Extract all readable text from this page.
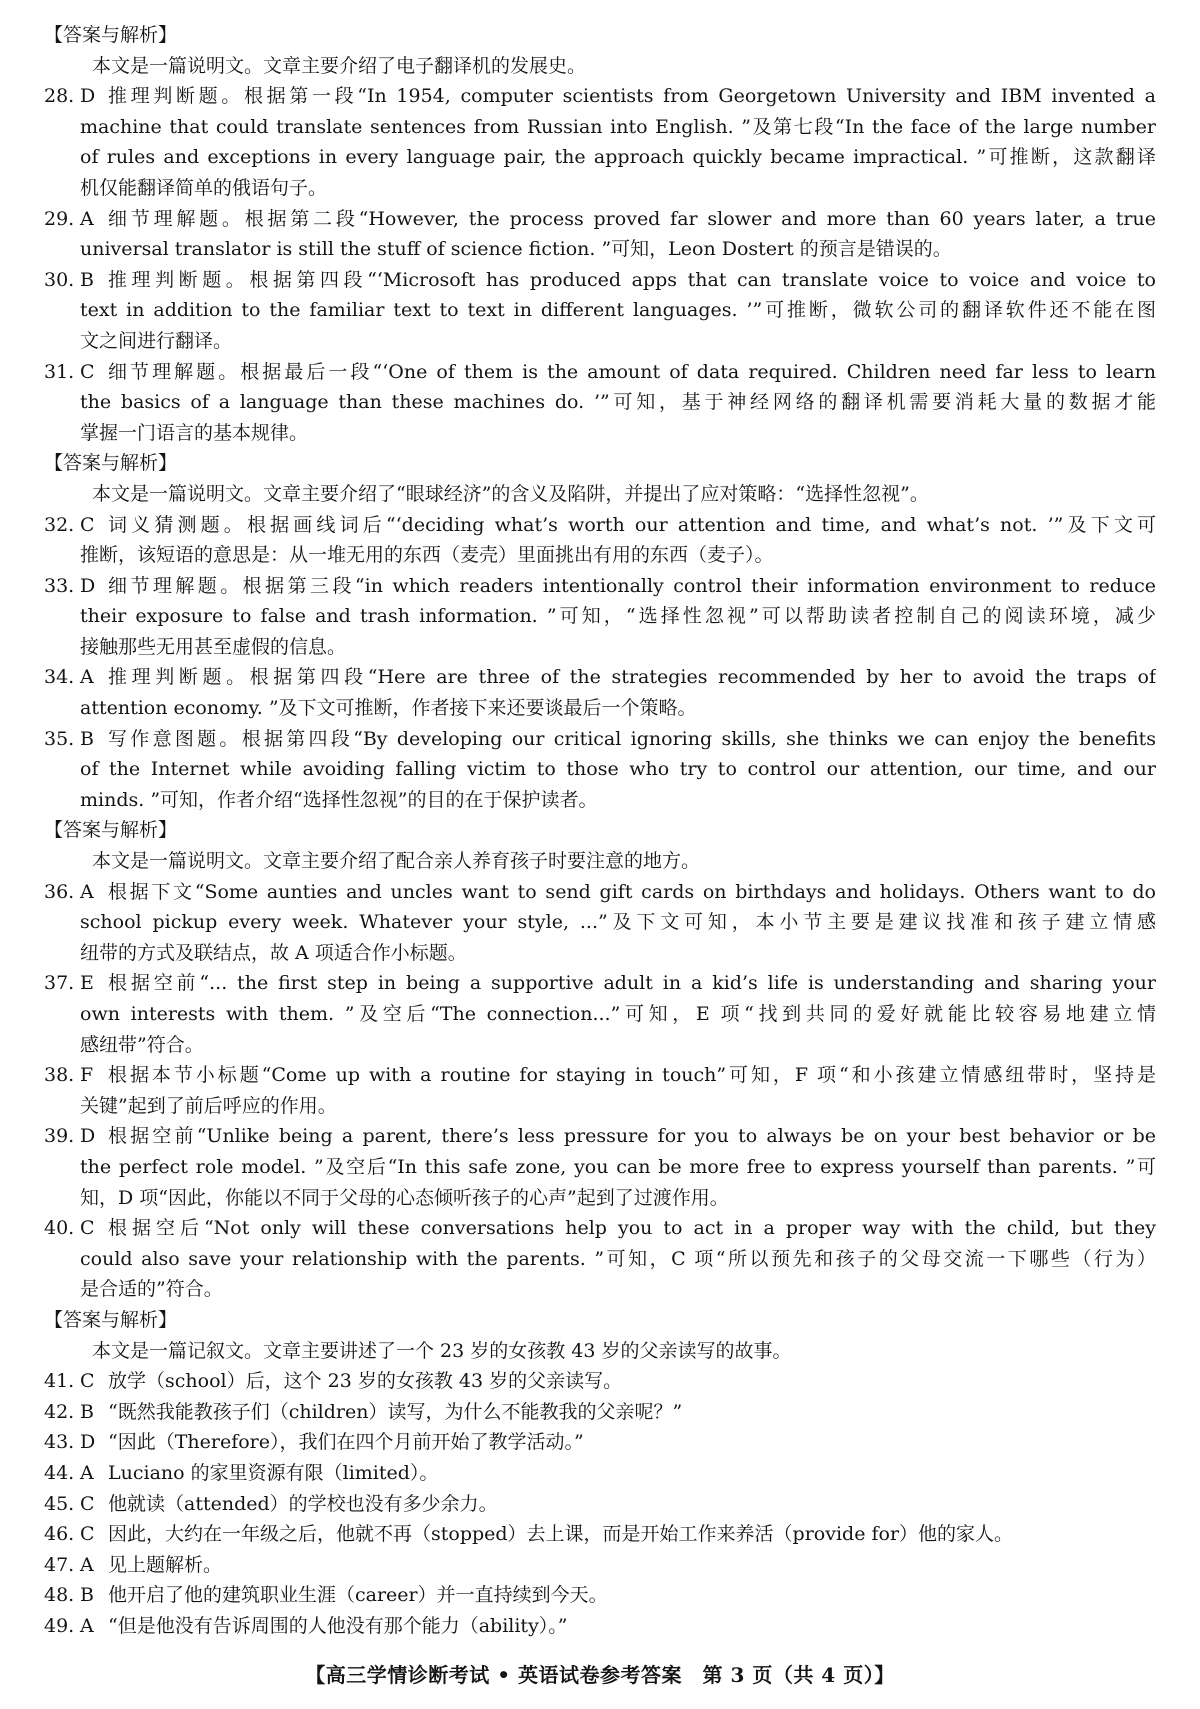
【答案与解析】
本文是一篇说明文。文章主要介绍了电子翻译机的发展史。
28. D 推理判断题。根据第一段“In 1954, computer scientists from Georgetown University and IBM invented a
machine that could translate sentences from Russian into English. ”及第七段“In the face of the large number
of rules and exceptions in every language pair, the approach quickly became impractical. ”可推断，这款翻译
机仅能翻译简单的俄语句子。
29. A 细节理解题。根据第二段“However, the process proved far slower and more than 60 years later, a true
universal translator is still the stuff of science fiction. ”可知，Leon Dostert 的预言是错误的。
30. B 推理判断题。根据第四段“‘Microsoft has produced apps that can translate voice to voice and voice to
text in addition to the familiar text to text in different languages. ’”可推断，微软公司的翻译软件还不能在图
文之间进行翻译。
31. C 细节理解题。根据最后一段“‘One of them is the amount of data required. Children need far less to learn
the basics of a language than these machines do. ’”可知，基于神经网络的翻译机需要消耗大量的数据才能
掌握一门语言的基本规律。
【答案与解析】
本文是一篇说明文。文章主要介绍了“眼球经济”的含义及陷阱，并提出了应对策略：“选择性忽视”。
32. C 词义猜测题。根据画线词后“‘deciding what’s worth our attention and time, and what’s not. ’”及下文可
推断，该短语的意思是：从一堆无用的东西（麦壳）里面挑出有用的东西（麦子）。
33. D 细节理解题。根据第三段“in which readers intentionally control their information environment to reduce
their exposure to false and trash information. ”可知，“选择性忽视”可以帮助读者控制自己的阅读环境，减少
接触那些无用甚至虚假的信息。
34. A 推理判断题。根据第四段“Here are three of the strategies recommended by her to avoid the traps of
attention economy. ”及下文可推断，作者接下来还要谈最后一个策略。
35. B 写作意图题。根据第四段“By developing our critical ignoring skills, she thinks we can enjoy the benefits
of the Internet while avoiding falling victim to those who try to control our attention, our time, and our
minds. ”可知，作者介绍“选择性忽视”的目的在于保护读者。
【答案与解析】
本文是一篇说明文。文章主要介绍了配合亲人养育孩子时要注意的地方。
36. A 根据下文“Some aunties and uncles want to send gift cards on birthdays and holidays. Others want to do
school pickup every week. Whatever your style, ...”及下文可知，本小节主要是建议找准和孩子建立情感
纽带的方式及联结点，故 A 项适合作小标题。
37. E 根据空前“... the first step in being a supportive adult in a kid’s life is understanding and sharing your
own interests with them. ”及空后“The connection...”可知，E 项“找到共同的爱好就能比较容易地建立情
感纽带”符合。
38. F 根据本节小标题“Come up with a routine for staying in touch”可知，F 项“和小孩建立情感纽带时，坚持是
关键”起到了前后呼应的作用。
39. D 根据空前“Unlike being a parent, there’s less pressure for you to always be on your best behavior or be
the perfect role model. ”及空后“In this safe zone, you can be more free to express yourself than parents. ”可
知，D 项“因此，你能以不同于父母的心态倾听孩子的心声”起到了过渡作用。
40. C 根据空后“Not only will these conversations help you to act in a proper way with the child, but they
could also save your relationship with the parents. ”可知，C 项“所以预先和孩子的父母交流一下哪些（行为）
是合适的”符合。
【答案与解析】
本文是一篇记叙文。文章主要讲述了一个 23 岁的女孩教 43 岁的父亲读写的故事。
41. C 放学（school）后，这个 23 岁的女孩教 43 岁的父亲读写。
42. B “既然我能教孩子们（children）读写，为什么不能教我的父亲呢？”
43. D “因此（Therefore），我们在四个月前开始了教学活动。”
44. A Luciano 的家里资源有限（limited）。
45. C 他就读（attended）的学校也没有多少余力。
46. C 因此，大约在一年级之后，他就不再（stopped）去上课，而是开始工作来养活（provide for）他的家人。
47. A 见上题解析。
48. B 他开启了他的建筑职业生涯（career）并一直持续到今天。
49. A “但是他没有告诉周围的人他没有那个能力（ability）。”
【高三学情诊断考试 • 英语试卷参考答案　第 3 页（共 4 页）】
